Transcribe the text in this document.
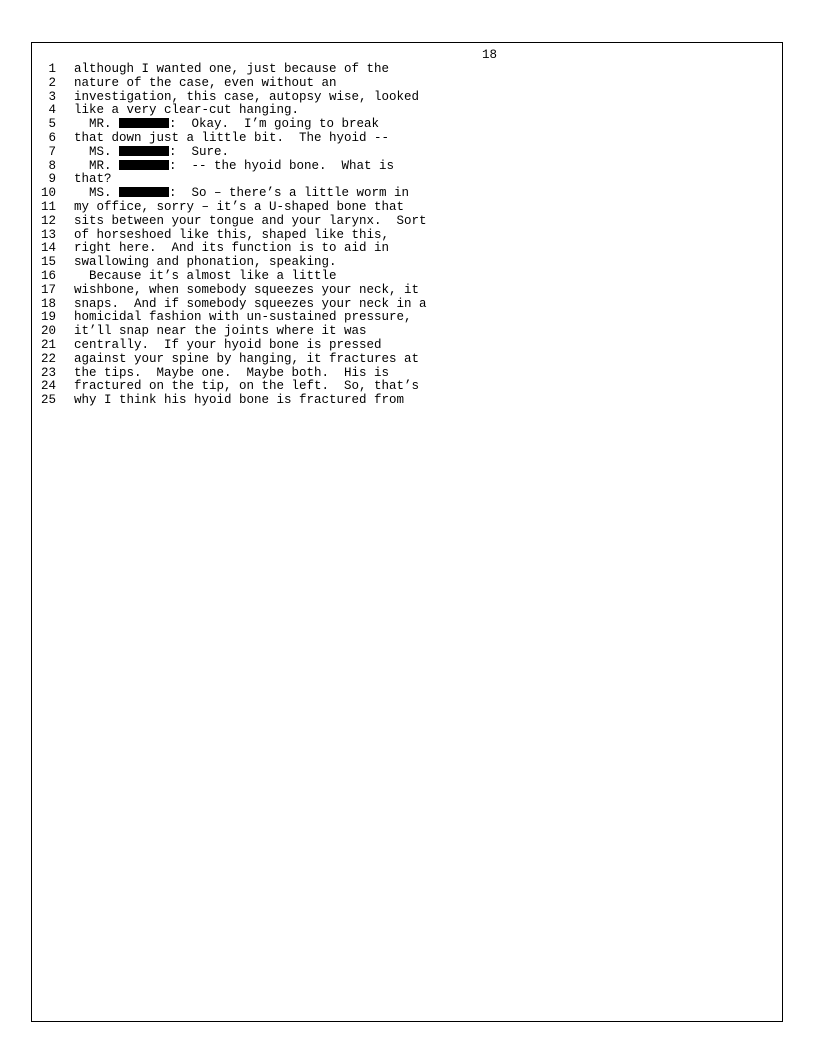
18
1 although I wanted one, just because of the
2 nature of the case, even without an
3 investigation, this case, autopsy wise, looked
4 like a very clear-cut hanging.
5 MR.	:  Okay.  I’m going to break
6 that down just a little bit.  The hyoid --
7 MS.	:  Sure.
8 MR.	:  -- the hyoid bone.  What is
9 that?
10 MS.	:  So – there’s a little worm in
11 my office, sorry – it’s a U-shaped bone that
12 sits between your tongue and your larynx.  Sort
13 of horseshoed like this, shaped like this,
14 right here.  And its function is to aid in
15 swallowing and phonation, speaking.
16 Because it’s almost like a little
17 wishbone, when somebody squeezes your neck, it
18 snaps.  And if somebody squeezes your neck in a
19 homicidal fashion with un-sustained pressure,
20 it’ll snap near the joints where it was
21 centrally.  If your hyoid bone is pressed
22 against your spine by hanging, it fractures at
23 the tips.  Maybe one.  Maybe both.  His is
24 fractured on the tip, on the left.  So, that’s
25 why I think his hyoid bone is fractured from
